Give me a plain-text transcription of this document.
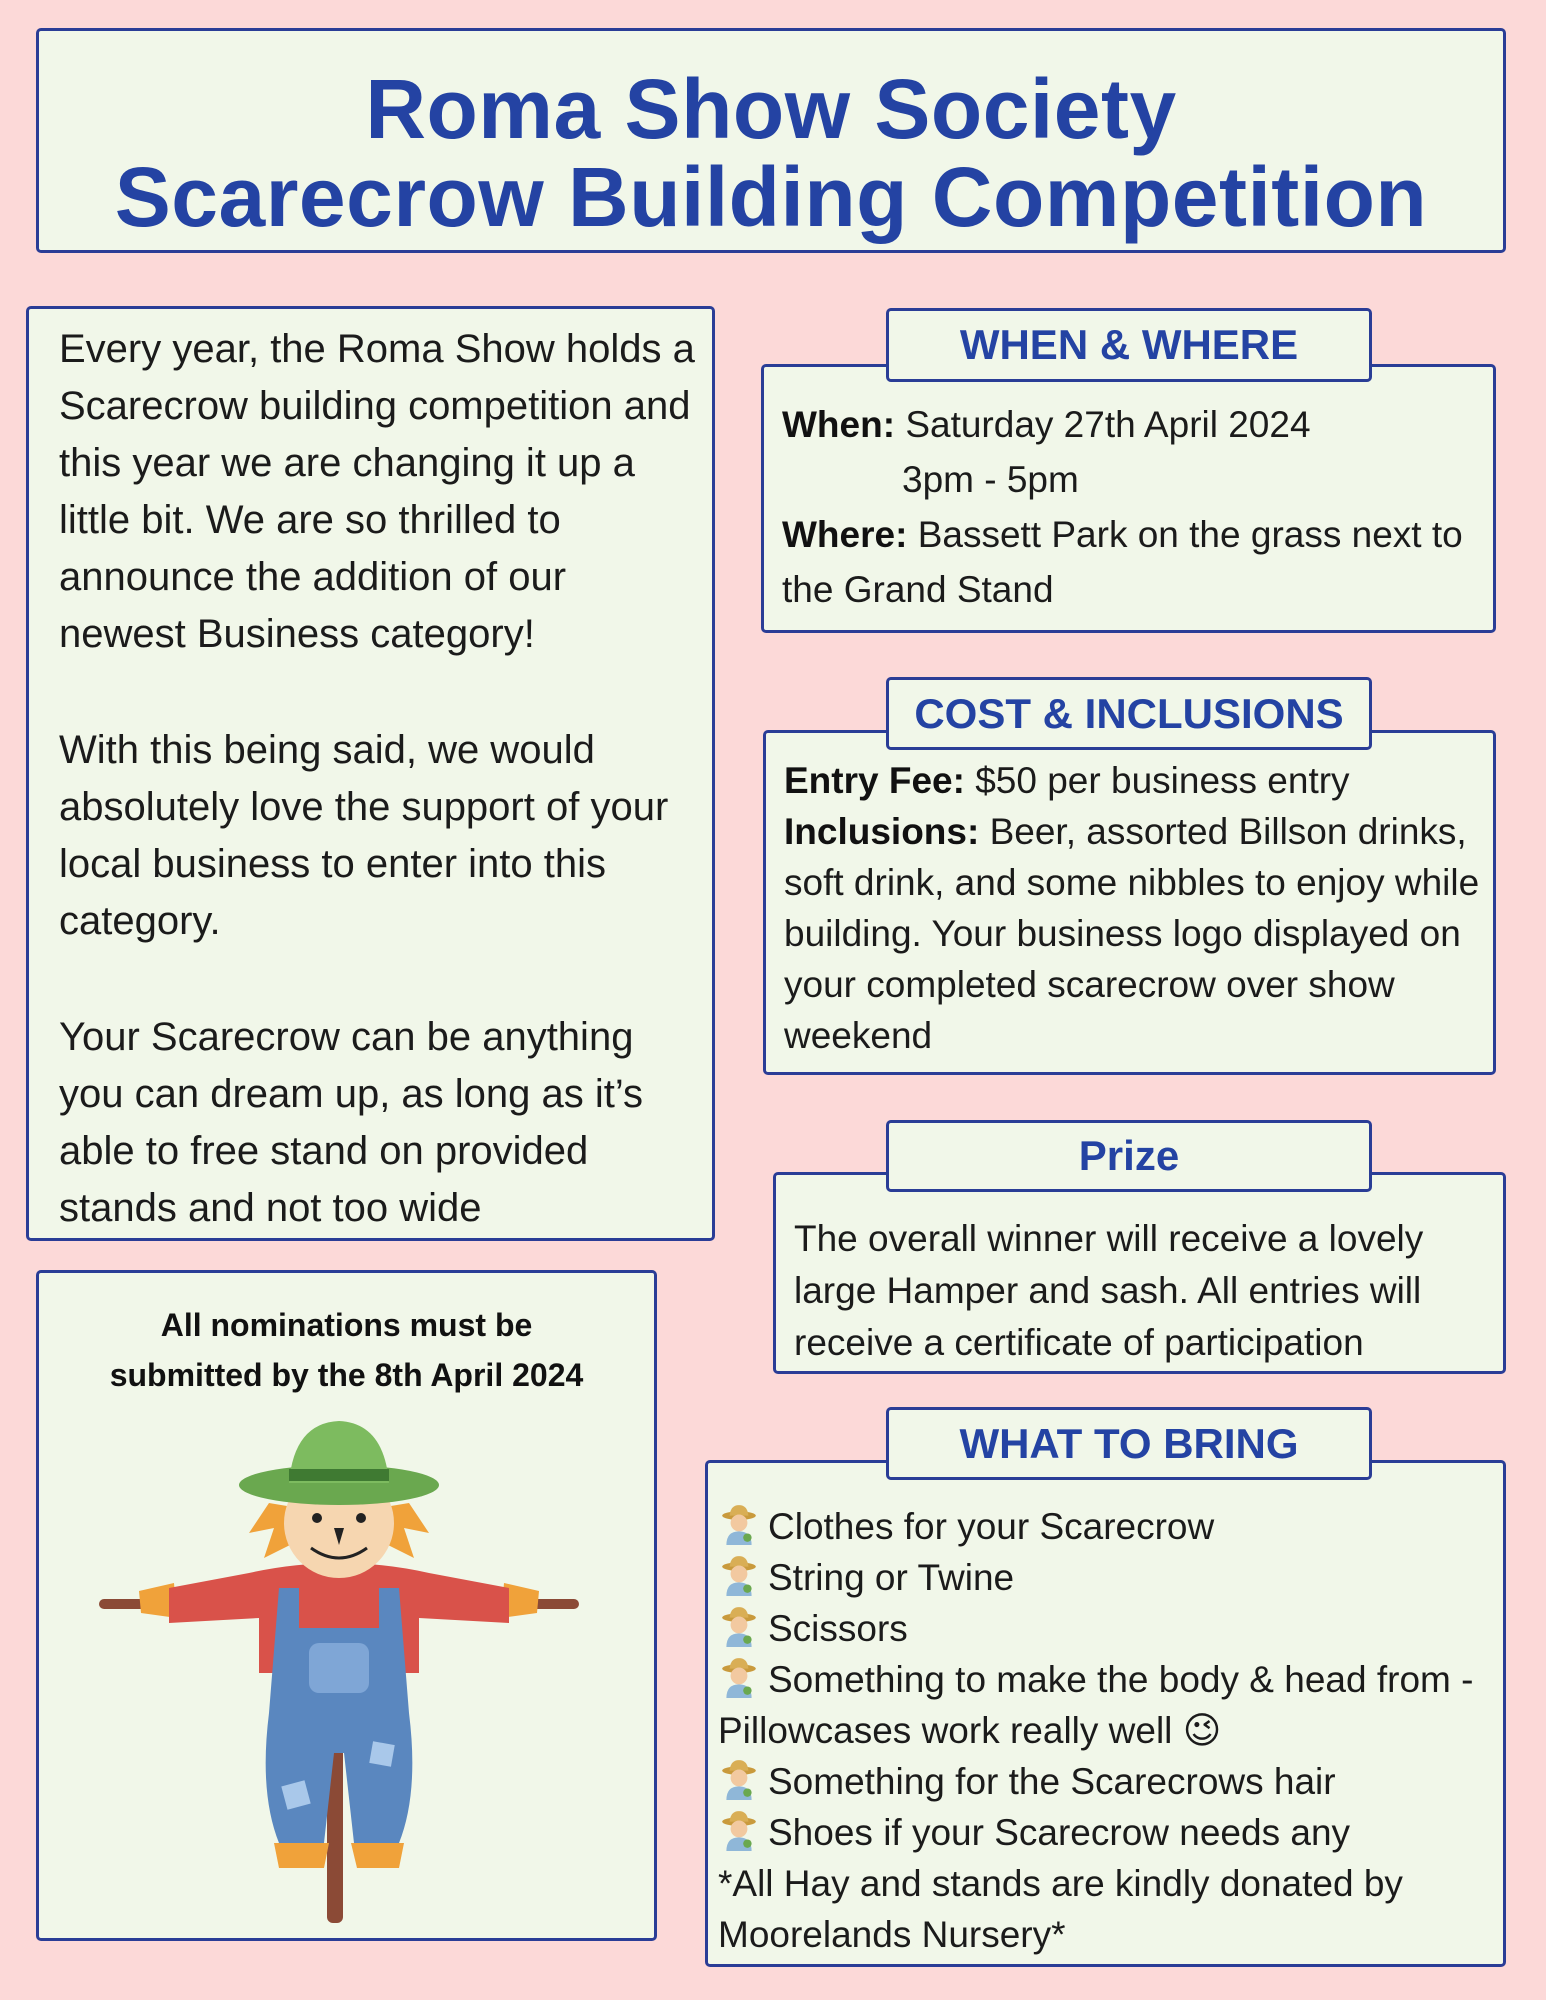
Roma Show Society
Scarecrow Building Competition

Every year, the Roma Show holds a Scarecrow building competition and this year we are changing it up a little bit. We are so thrilled to announce the addition of our newest Business category!

With this being said, we would absolutely love the support of your local business to enter into this category.

Your Scarecrow can be anything you can dream up, as long as it’s able to free stand on provided stands and not too wide

All nominations must be
submitted by the 8th April 2024
WHEN & WHERE
When: Saturday 27th April 2024
3pm - 5pm
Where: Bassett Park on the grass next to the Grand Stand
COST & INCLUSIONS
Entry Fee: $50 per business entry
Inclusions: Beer, assorted Billson drinks, soft drink, and some nibbles to enjoy while building. Your business logo displayed on your completed scarecrow over show weekend
Prize
The overall winner will receive a lovely large Hamper and sash. All entries will receive a certificate of participation
WHAT TO BRING
Clothes for your Scarecrow
String or Twine
Scissors
Something to make the body & head from - Pillowcases work really well 😉
Something for the Scarecrows hair
Shoes if your Scarecrow needs any
*All Hay and stands are kindly donated by Moorelands Nursery*
